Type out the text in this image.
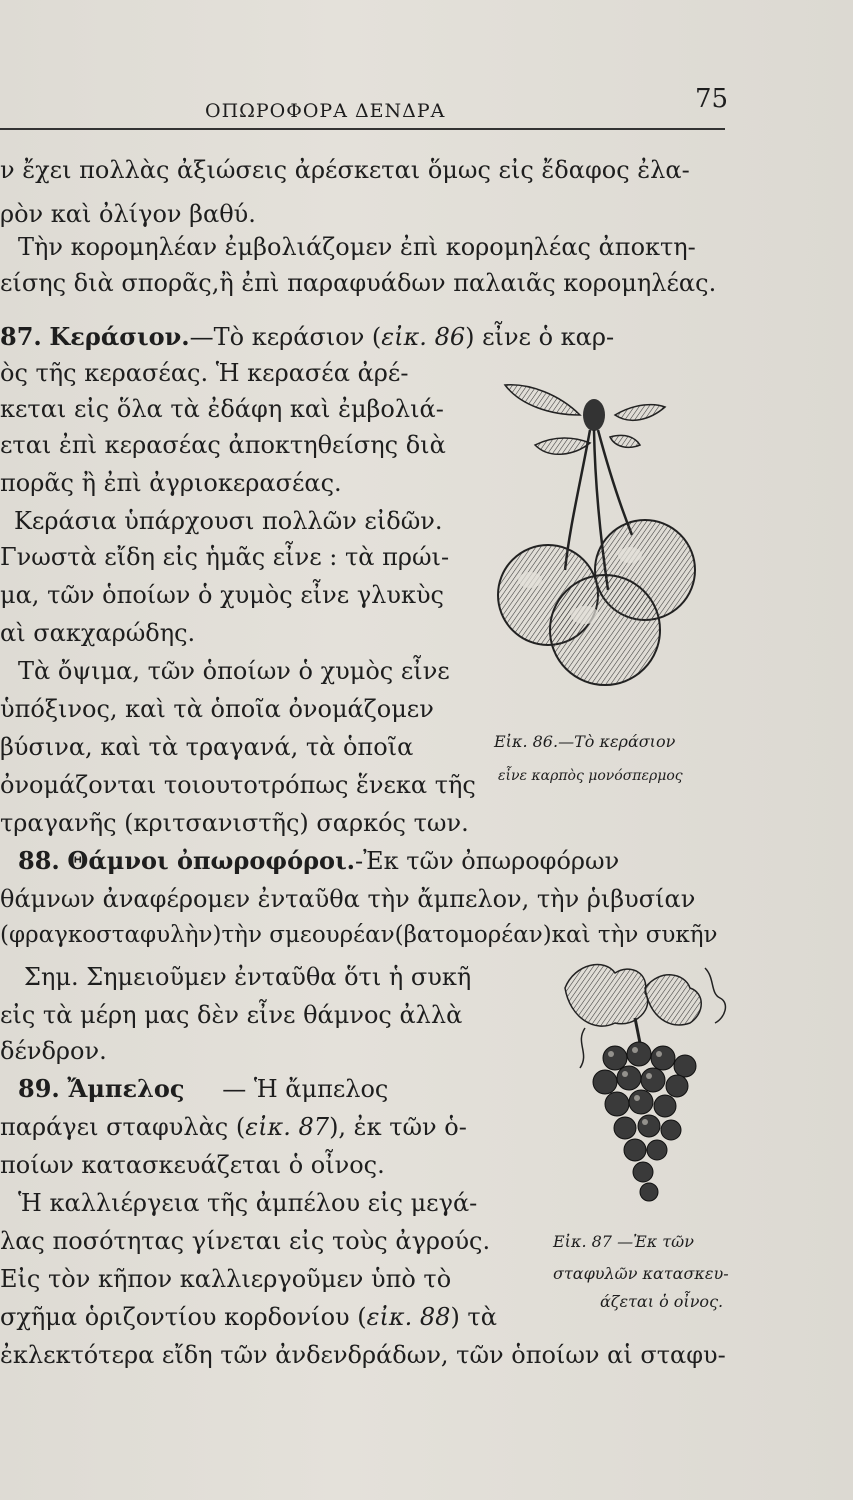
ΟΠΩΡΟΦΟΡΑ ΔΕΝΔΡΑ	75
ν ἔχει πολλὰς ἀξιώσεις ἀρέσκεται ὅμως εἰς ἔδαφος ἐλα-
ρὸν καὶ ὀλίγον βαθύ.
Τὴν κορομηλέαν ἐμβολιάζομεν ἐπὶ κορομηλέας ἀποκτη-
είσης διὰ σπορᾶς,ἢ ἐπὶ παραφυάδων παλαιᾶς κορομηλέας.
87. Κεράσιον.—Τὸ κεράσιον (εἰκ. 86) εἶνε ὁ καρ-
ὸς τῆς κερασέας. Ἡ κερασέα ἀρέ-
κεται εἰς ὅλα τὰ ἐδάφη καὶ ἐμβολιά-
εται ἐπὶ κερασέας ἀποκτηθείσης διὰ
πορᾶς ἢ ἐπὶ ἀγριοκερασέας.
Κεράσια ὑπάρχουσι πολλῶν εἰδῶν.
Γνωστὰ εἴδη εἰς ἡμᾶς εἶνε : τὰ πρώι-
μα, τῶν ὁποίων ὁ χυμὸς εἶνε γλυκὺς
αὶ σακχαρώδης.
Τὰ ὄψιμα, τῶν ὁποίων ὁ χυμὸς εἶνε
ὑπόξινος, καὶ τὰ ὁποῖα ὀνομάζομεν
βύσινα, καὶ τὰ τραγανά, τὰ ὁποῖα
ὀνομάζονται τοιουτοτρόπως ἕνεκα τῆς
τραγανῆς (κριτσανιστῆς) σαρκός των.
88. Θάμνοι ὀπωροφόροι.-Ἐκ τῶν ὀπωροφόρων
θάμνων ἀναφέρομεν ἐνταῦθα τὴν ἄμπελον, τὴν ῥιβυσίαν
(φραγκοσταφυλὴν)τὴν σμεουρέαν(βατομορέαν)καὶ τὴν συκῆν
Σημ. Σημειοῦμεν ἐνταῦθα ὅτι ἡ συκῆ
εἰς τὰ μέρη μας δὲν εἶνε θάμνος ἀλλὰ
δένδρον.
89. Ἄμπελος — Ἡ ἄμπελος
παράγει σταφυλὰς (εἰκ. 87), ἐκ τῶν ὁ-
ποίων κατασκευάζεται ὁ οἶνος.
Ἡ καλλιέργεια τῆς ἀμπέλου εἰς μεγά-
λας ποσότητας γίνεται εἰς τοὺς ἀγρούς.
Εἰς τὸν κῆπον καλλιεργοῦμεν ὑπὸ τὸ
σχῆμα ὁριζοντίου κορδονίου (εἰκ. 88) τὰ
ἐκλεκτότερα εἴδη τῶν ἀνδενδράδων, τῶν ὁποίων αἱ σταφυ-
Εἰκ. 86.—Τὸ κεράσιον
εἶνε καρπὸς μονόσπερμος
Εἰκ. 87 —Ἐκ τῶν
σταφυλῶν κατασκευ-
άζεται ὁ οἶνος.
